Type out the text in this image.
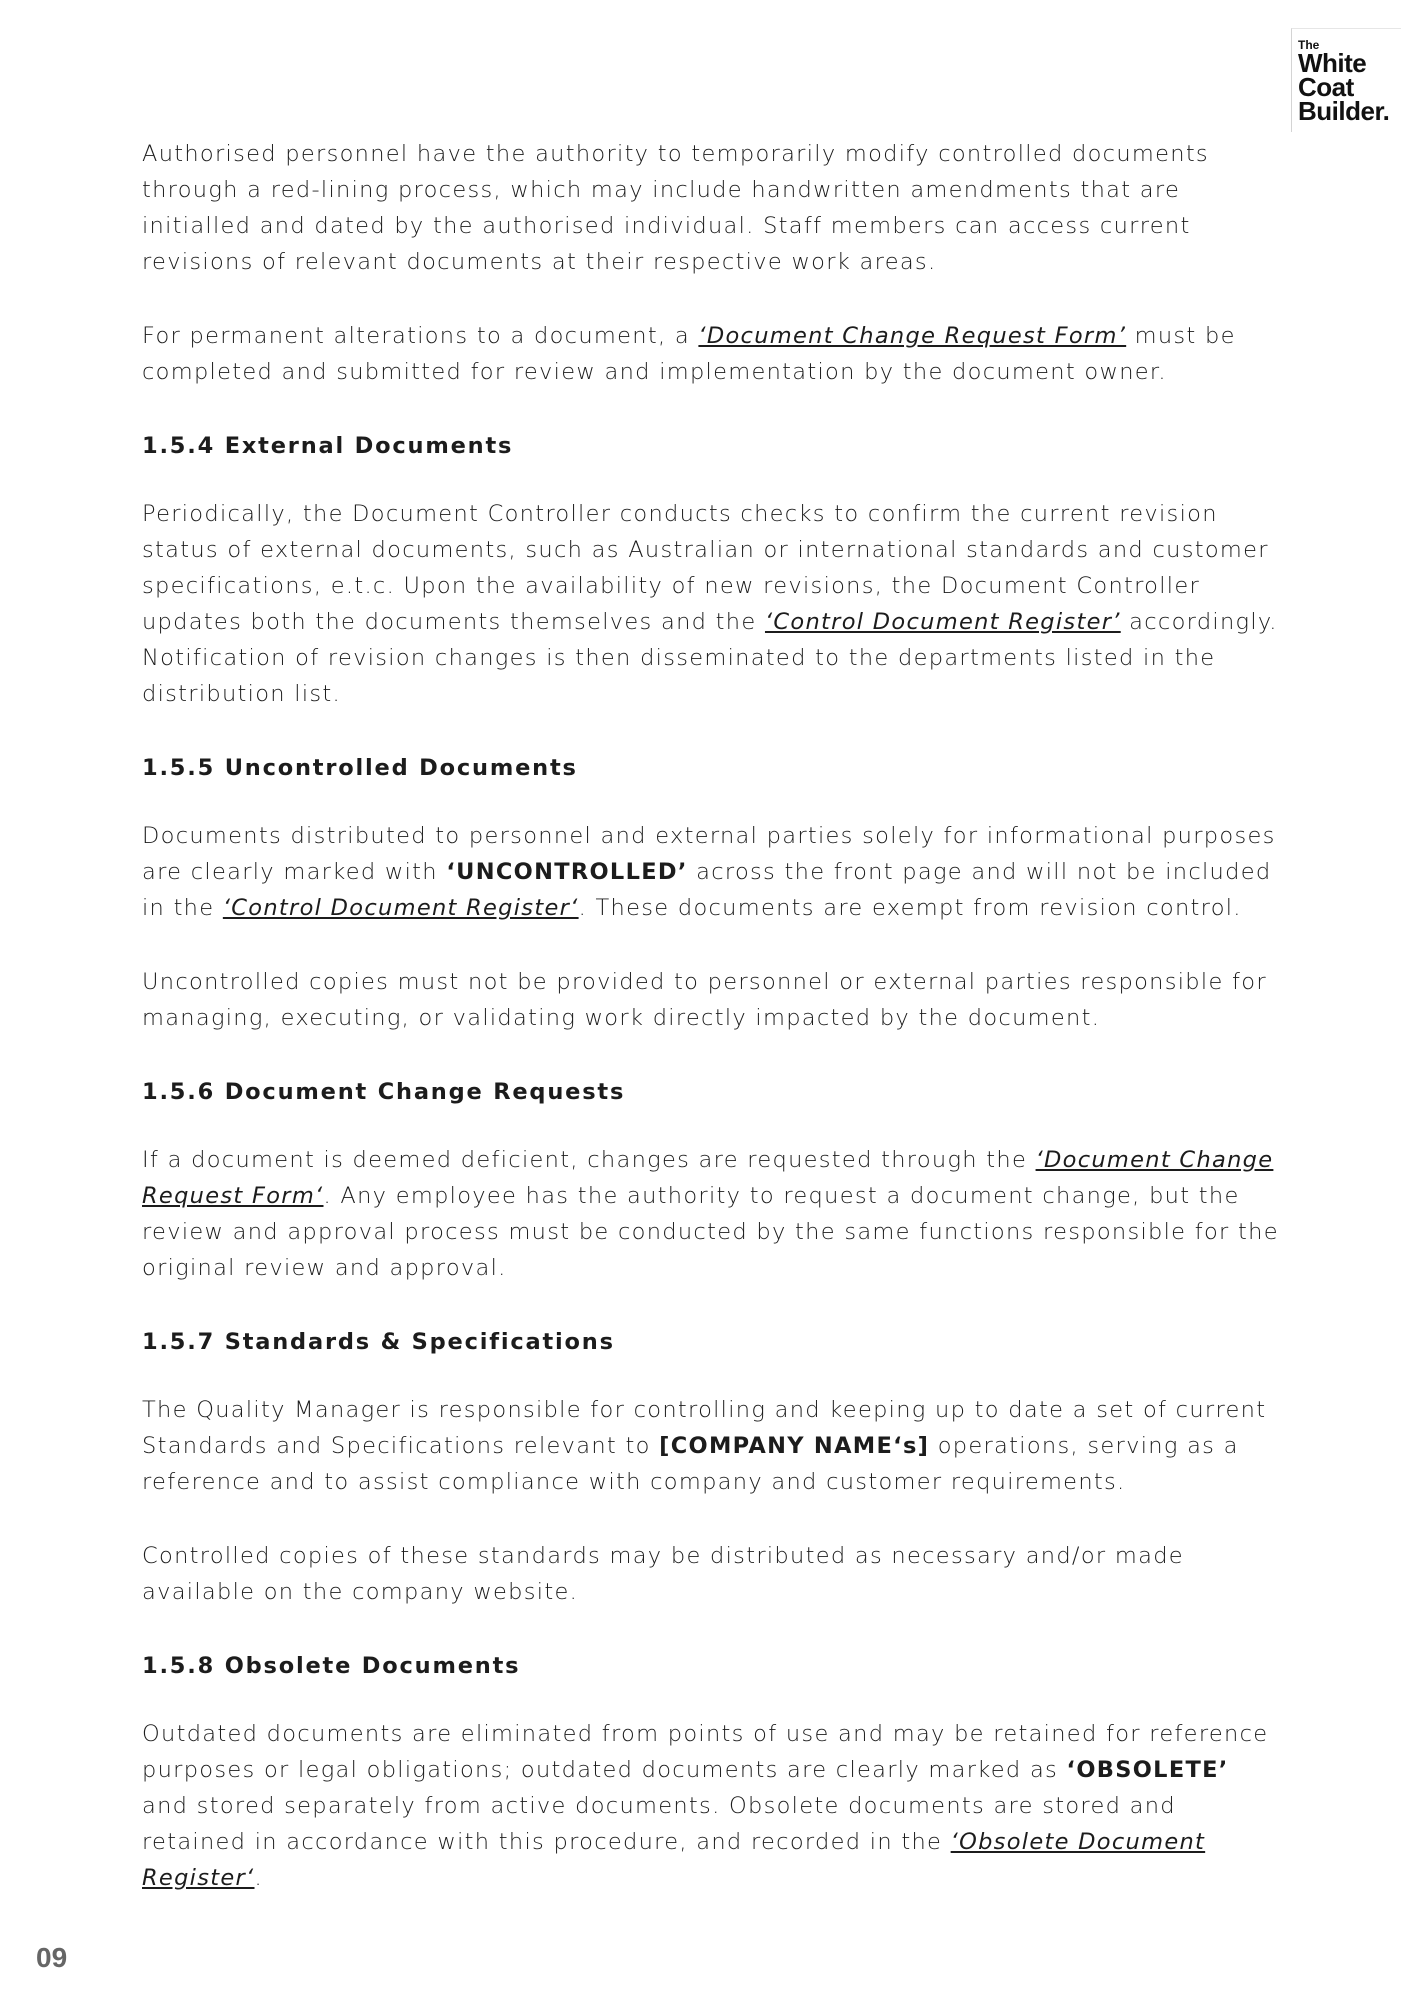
The
White
Coat
Builder.

Authorised personnel have the authority to temporarily modify controlled documents through a red-lining process, which may include handwritten amendments that are initialled and dated by the authorised individual. Staff members can access current revisions of relevant documents at their respective work areas.

For permanent alterations to a document, a ‘Document Change Request Form’ must be completed and submitted for review and implementation by the document owner.

1.5.4 External Documents

Periodically, the Document Controller conducts checks to confirm the current revision status of external documents, such as Australian or international standards and customer specifications, e.t.c. Upon the availability of new revisions, the Document Controller updates both the documents themselves and the ‘Control Document Register’ accordingly. Notification of revision changes is then disseminated to the departments listed in the distribution list.

1.5.5 Uncontrolled Documents

Documents distributed to personnel and external parties solely for informational purposes are clearly marked with ‘UNCONTROLLED’ across the front page and will not be included in the ‘Control Document Register‘. These documents are exempt from revision control.

Uncontrolled copies must not be provided to personnel or external parties responsible for managing, executing, or validating work directly impacted by the document.

1.5.6 Document Change Requests

If a document is deemed deficient, changes are requested through the ‘Document Change Request Form‘. Any employee has the authority to request a document change, but the review and approval process must be conducted by the same functions responsible for the original review and approval.

1.5.7 Standards & Specifications

The Quality Manager is responsible for controlling and keeping up to date a set of current Standards and Specifications relevant to [COMPANY NAME‘s] operations, serving as a reference and to assist compliance with company and customer requirements.

Controlled copies of these standards may be distributed as necessary and/or made available on the company website.

1.5.8 Obsolete Documents

Outdated documents are eliminated from points of use and may be retained for reference purposes or legal obligations; outdated documents are clearly marked as ‘OBSOLETE’ and stored separately from active documents. Obsolete documents are stored and retained in accordance with this procedure, and recorded in the ‘Obsolete Document Register‘.

09
